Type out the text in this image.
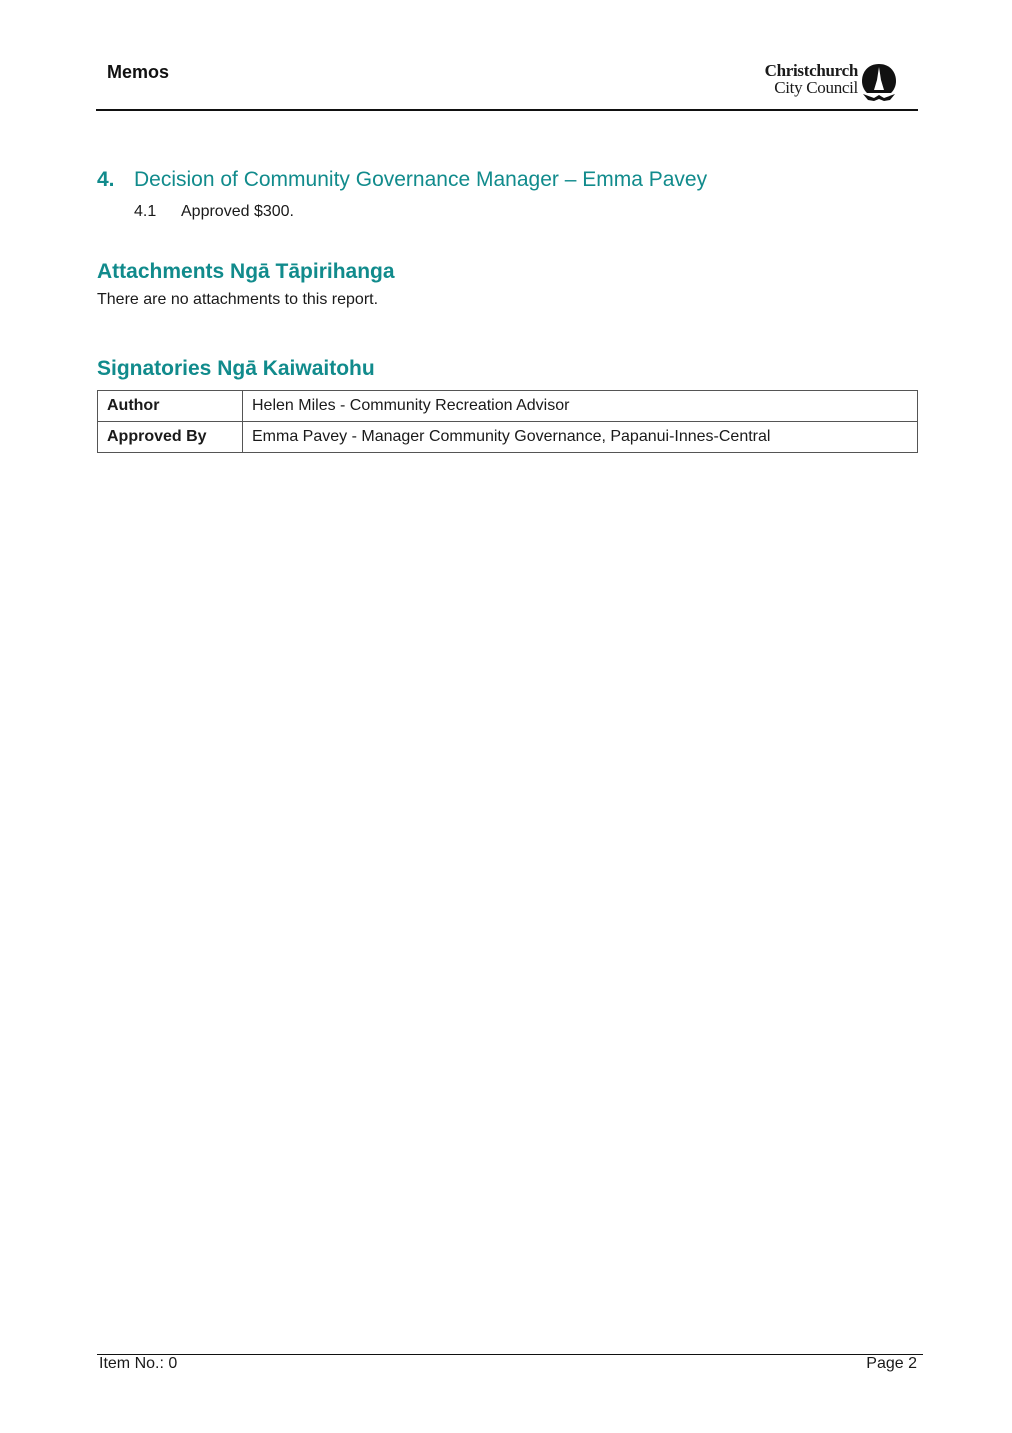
Memos	Christchurch
City Council
4. Decision of Community Governance Manager – Emma Pavey
4.1 Approved $300.
Attachments Ngā Tāpirihanga
There are no attachments to this report.
Signatories Ngā Kaiwaitohu
Author	Helen Miles - Community Recreation Advisor
Approved By	Emma Pavey - Manager Community Governance, Papanui-Innes-Central
Item No.: 0	Page 2
